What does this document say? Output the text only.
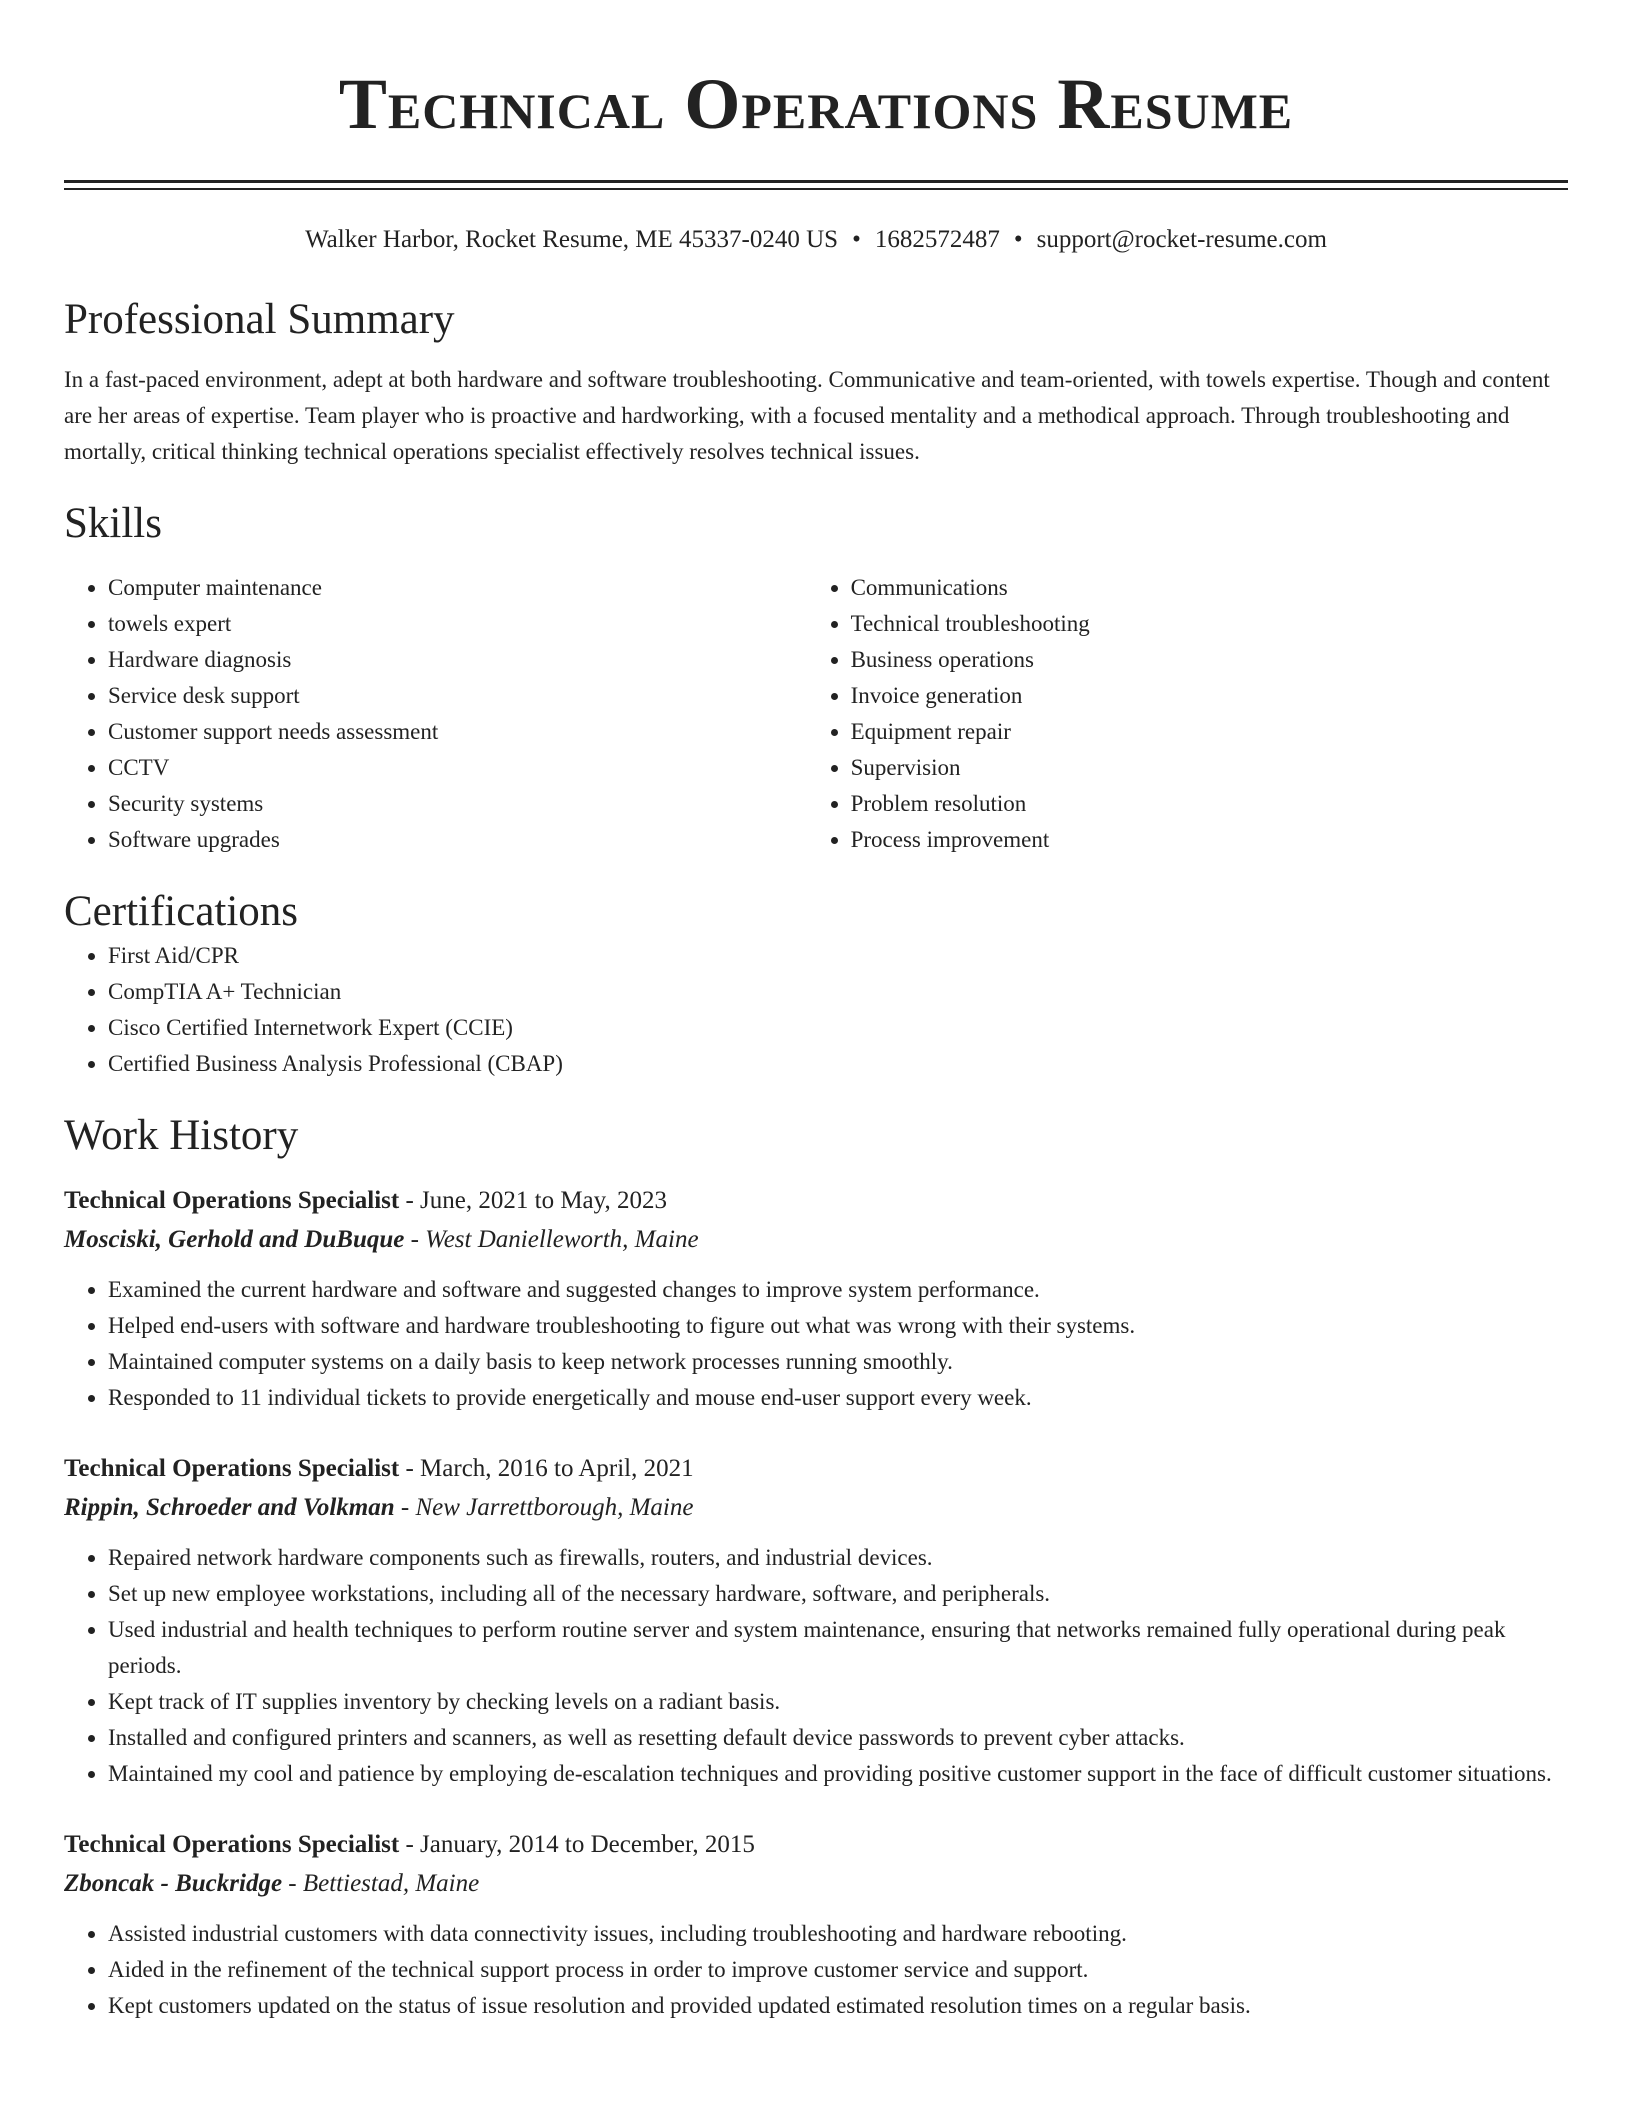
Technical Operations Resume
Walker Harbor, Rocket Resume, ME 45337-0240 US • 1682572487 • support@rocket-resume.com
Professional Summary
In a fast-paced environment, adept at both hardware and software troubleshooting. Communicative and team-oriented, with towels expertise. Though and content are her areas of expertise. Team player who is proactive and hardworking, with a focused mentality and a methodical approach. Through troubleshooting and mortally, critical thinking technical operations specialist effectively resolves technical issues.
Skills
• Computer maintenance
• towels expert
• Hardware diagnosis
• Service desk support
• Customer support needs assessment
• CCTV
• Security systems
• Software upgrades
• Communications
• Technical troubleshooting
• Business operations
• Invoice generation
• Equipment repair
• Supervision
• Problem resolution
• Process improvement
Certifications
• First Aid/CPR
• CompTIA A+ Technician
• Cisco Certified Internetwork Expert (CCIE)
• Certified Business Analysis Professional (CBAP)
Work History
Technical Operations Specialist - June, 2021 to May, 2023
Mosciski, Gerhold and DuBuque - West Danielleworth, Maine
• Examined the current hardware and software and suggested changes to improve system performance.
• Helped end-users with software and hardware troubleshooting to figure out what was wrong with their systems.
• Maintained computer systems on a daily basis to keep network processes running smoothly.
• Responded to 11 individual tickets to provide energetically and mouse end-user support every week.
Technical Operations Specialist - March, 2016 to April, 2021
Rippin, Schroeder and Volkman - New Jarrettborough, Maine
• Repaired network hardware components such as firewalls, routers, and industrial devices.
• Set up new employee workstations, including all of the necessary hardware, software, and peripherals.
• Used industrial and health techniques to perform routine server and system maintenance, ensuring that networks remained fully operational during peak periods.
• Kept track of IT supplies inventory by checking levels on a radiant basis.
• Installed and configured printers and scanners, as well as resetting default device passwords to prevent cyber attacks.
• Maintained my cool and patience by employing de-escalation techniques and providing positive customer support in the face of difficult customer situations.
Technical Operations Specialist - January, 2014 to December, 2015
Zboncak - Buckridge - Bettiestad, Maine
• Assisted industrial customers with data connectivity issues, including troubleshooting and hardware rebooting.
• Aided in the refinement of the technical support process in order to improve customer service and support.
• Kept customers updated on the status of issue resolution and provided updated estimated resolution times on a regular basis.
